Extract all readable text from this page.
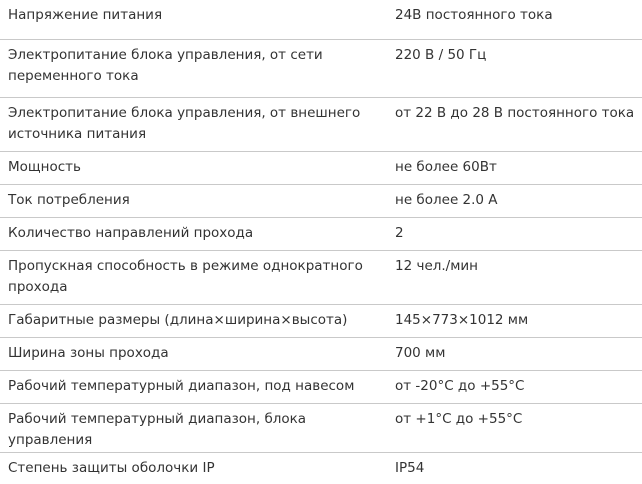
Напряжение питания	24В постоянного тока
Электропитание блока управления, от сети переменного тока	220 В / 50 Гц
Электропитание блока управления, от внешнего источника питания	от 22 В до 28 В постоянного тока
Мощность	не более 60Вт
Ток потребления	не более 2.0 А
Количество направлений прохода	2
Пропускная способность в режиме однократного прохода	12 чел./мин
Габаритные размеры (длина×ширина×высота)	145×773×1012 мм
Ширина зоны прохода	700 мм
Рабочий температурный диапазон, под навесом	от -20°С до +55°С
Рабочий температурный диапазон, блока управления	от +1°С до +55°С
Степень защиты оболочки IP	IP54
